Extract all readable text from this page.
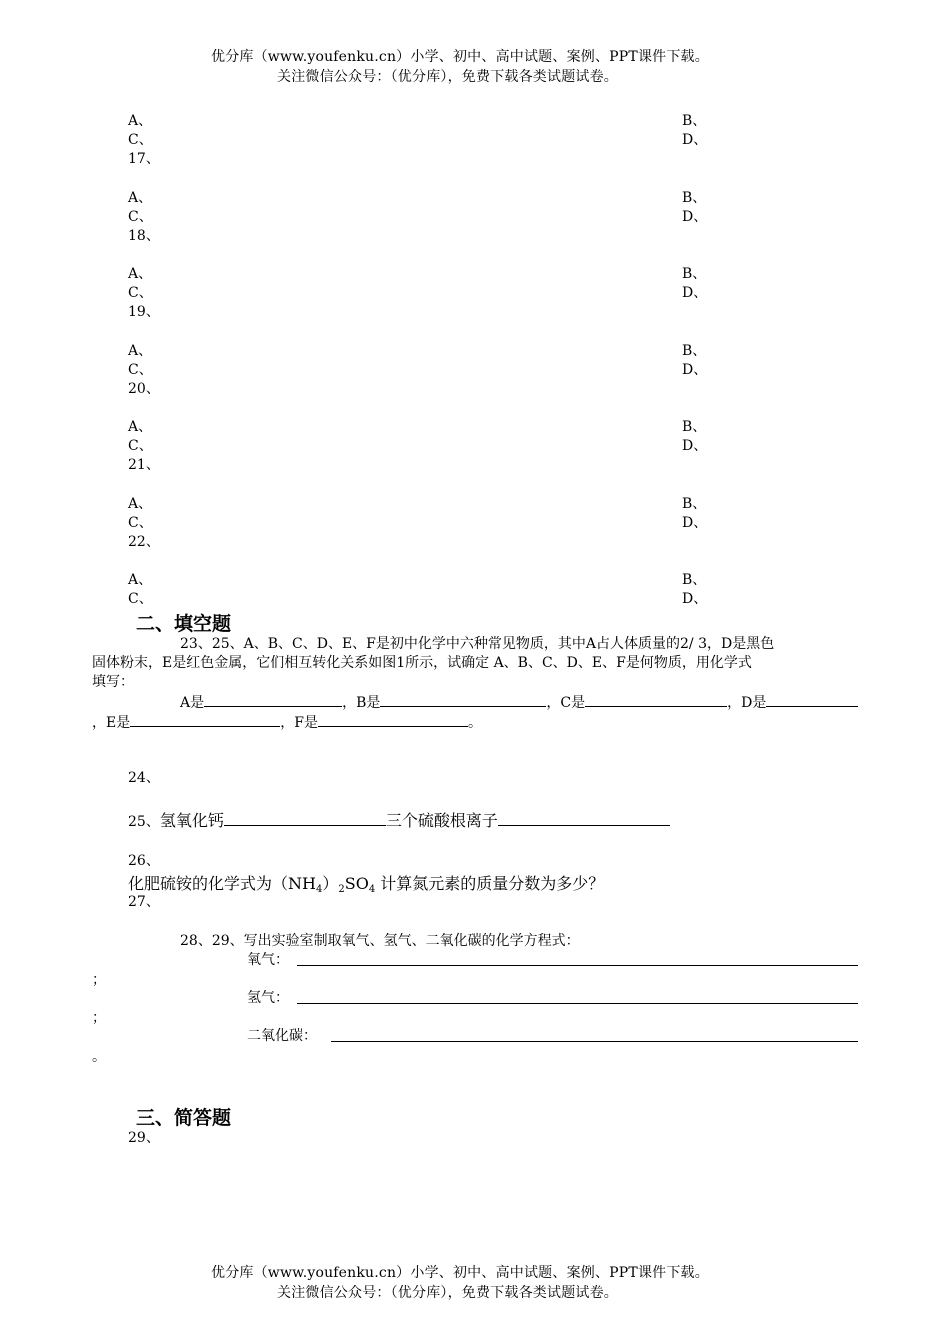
优分库（www.youfenku.cn）小学、初中、高中试题、案例、PPT课件下载。
关注微信公众号：（优分库），免费下载各类试题试卷。
A、	B、
C、	D、
17、
A、	B、
C、	D、
18、
A、	B、
C、	D、
19、
A、	B、
C、	D、
20、
A、	B、
C、	D、
21、
A、	B、
C、	D、
22、
A、	B、
C、	D、
二、填空题
23、25、A、B、C、D、E、F是初中化学中六种常见物质，其中A占人体质量的2/ 3，D是黑色
固体粉末，E是红色金属，它们相互转化关系如图1所示，试确定 A、B、C、D、E、F是何物质，用化学式
填写：
A是	，B是	，C是	，D是
，E是	，F是	。
24、
25、氢氧化钙	三个硫酸根离子
26、
化肥硫铵的化学式为$(NH_4)_2SO_4$ 计算氮元素的质量分数为多少？
27、
28、29、写出实验室制取氧气、氢气、二氧化碳的化学方程式：
氧气：
；
氢气：
；
二氧化碳：
。
三、简答题
29、
优分库（www.youfenku.cn）小学、初中、高中试题、案例、PPT课件下载。
关注微信公众号：（优分库），免费下载各类试题试卷。
